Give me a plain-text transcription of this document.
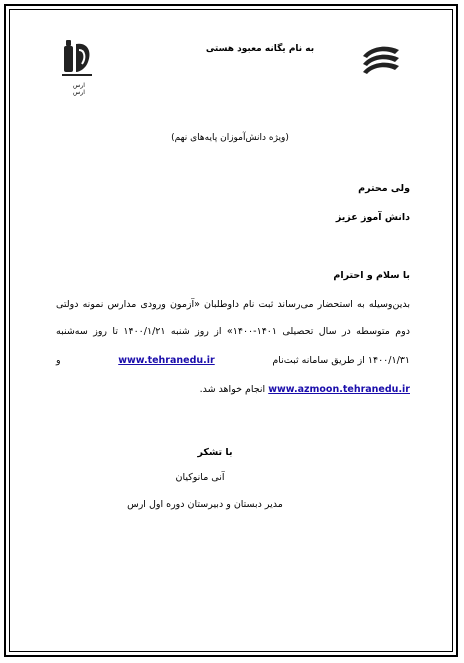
ارس
ارس
به نام یگانه معبود هستی
(ویژه دانش‌آموزان پایه‌های نهم)
ولی محترم
دانش آموز عزیز
با سلام و احترام
بدین‌وسیله به استحضار می‌رساند ثبت نام داوطلبان «آزمون ورودی مدارس نمونه دولتی
دوم متوسطه در سال تحصیلی ۱۴۰۱-۱۴۰۰» از روز شنبه ۱۴۰۰/۱/۲۱ تا روز سه‌شنبه
۱۴۰۰/۱/۳۱ از طریق سامانه ثبت‌نام
www.tehranedu.ir
و
www.azmoon.tehranedu.ir انجام خواهد شد.
با تشکر
آنی مانوکیان
مدیر دبستان و دبیرستان دوره اول ارس
